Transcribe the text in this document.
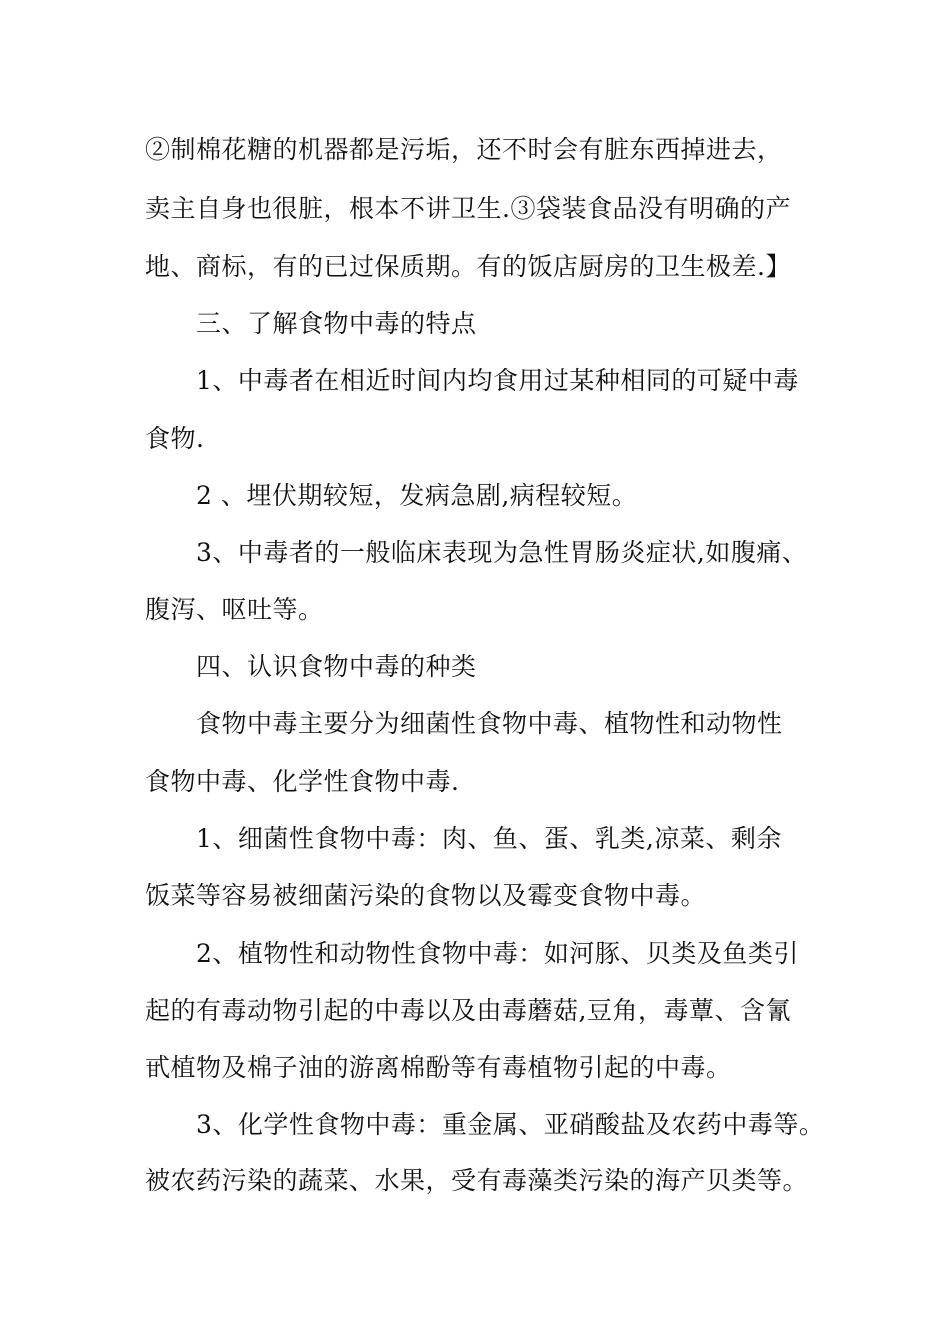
②制棉花糖的机器都是污垢，还不时会有脏东西掉进去，
卖主自身也很脏，根本不讲卫生.③袋装食品没有明确的产
地、商标，有的已过保质期。有的饭店厨房的卫生极差.】
三、了解食物中毒的特点
1、中毒者在相近时间内均食用过某种相同的可疑中毒
食物.
2 、埋伏期较短，发病急剧,病程较短。
3、中毒者的一般临床表现为急性胃肠炎症状,如腹痛、
腹泻、呕吐等。
四、认识食物中毒的种类
食物中毒主要分为细菌性食物中毒、植物性和动物性
食物中毒、化学性食物中毒.
1、细菌性食物中毒：肉、鱼、蛋、乳类,凉菜、剩余
饭菜等容易被细菌污染的食物以及霉变食物中毒。
2、植物性和动物性食物中毒：如河豚、贝类及鱼类引
起的有毒动物引起的中毒以及由毒蘑菇,豆角，毒蕈、含氰
甙植物及棉子油的游离棉酚等有毒植物引起的中毒。
3、化学性食物中毒：重金属、亚硝酸盐及农药中毒等。
被农药污染的蔬菜、水果，受有毒藻类污染的海产贝类等。
